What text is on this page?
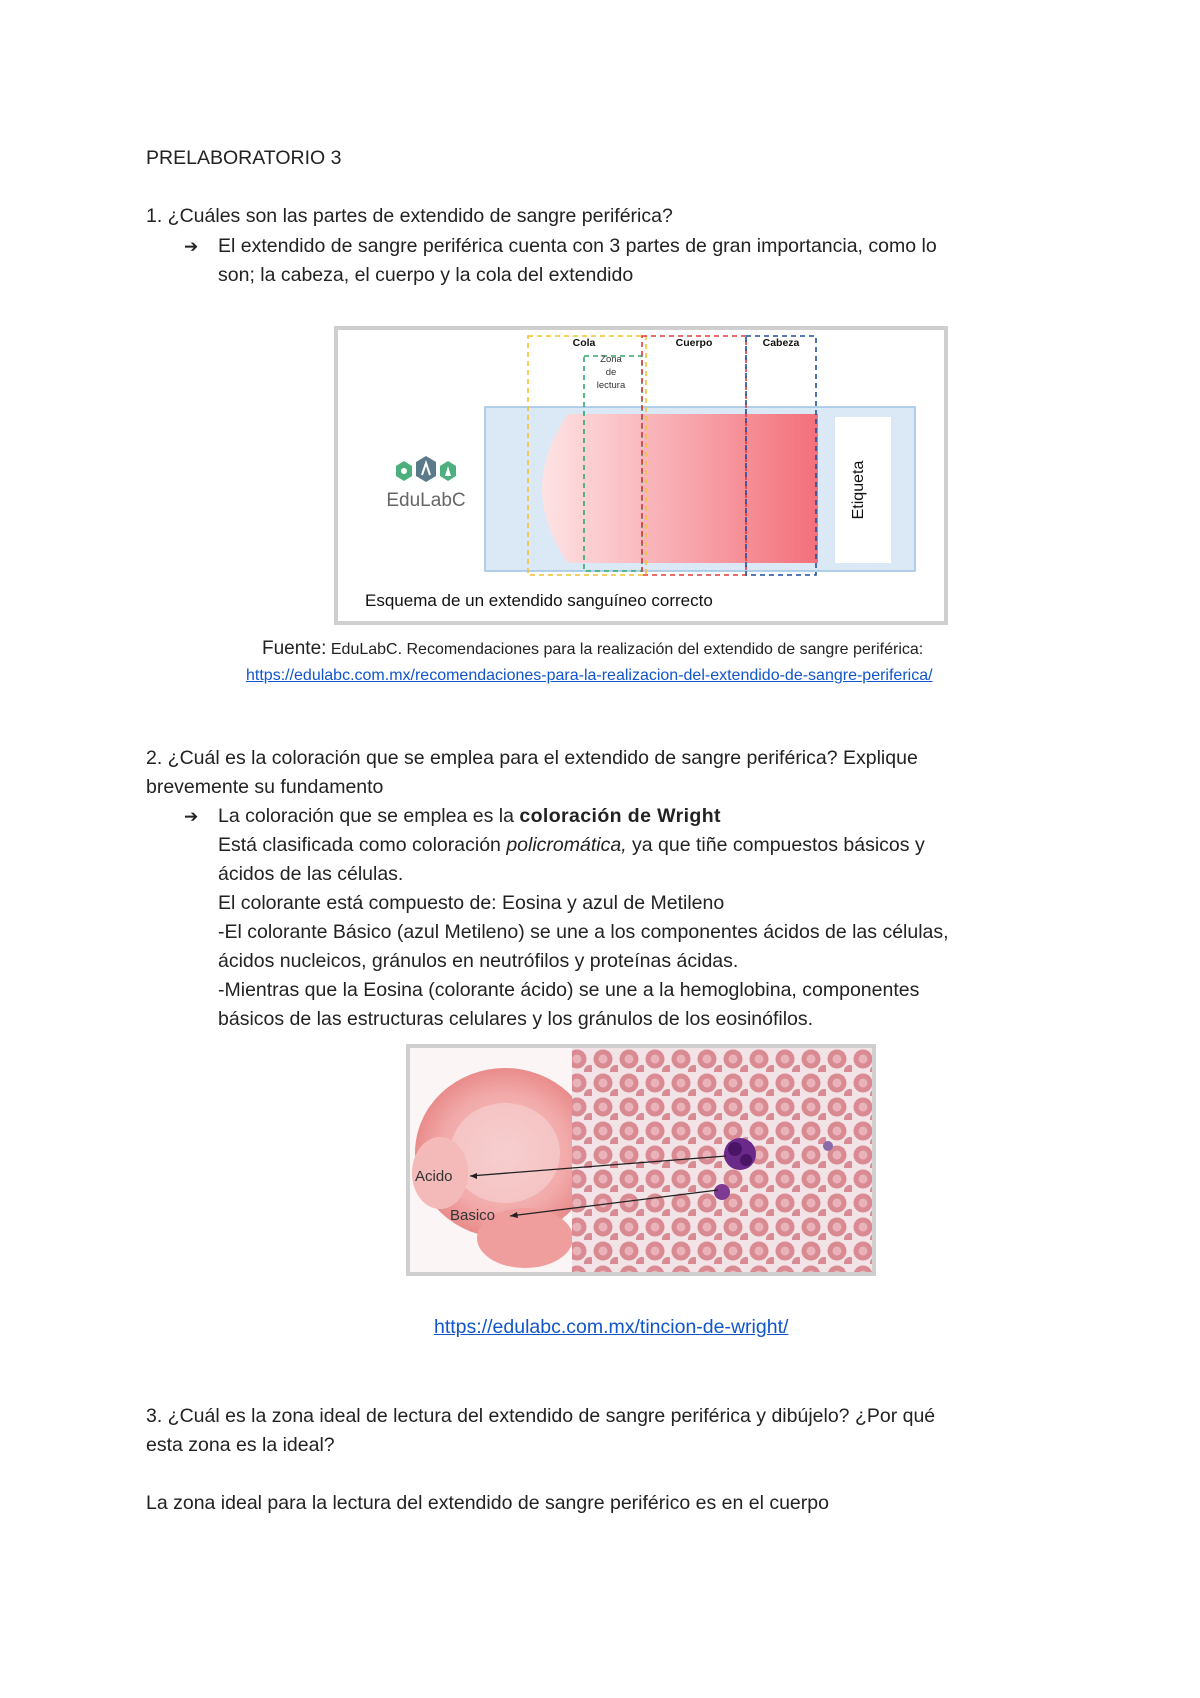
PRELABORATORIO 3
1. ¿Cuáles son las partes de extendido de sangre periférica?
➔ El extendido de sangre periférica cuenta con 3 partes de gran importancia, como lo
son; la cabeza, el cuerpo y la cola del extendido
Etiqueta
Cola
Zona
de
lectura
Cuerpo	Cabeza
EduLabC
Esquema de un extendido sanguíneo correcto
Fuente: EduLabC. Recomendaciones para la realización del extendido de sangre periférica:
https://edulabc.com.mx/recomendaciones-para-la-realizacion-del-extendido-de-sangre-periferica/
2. ¿Cuál es la coloración que se emplea para el extendido de sangre periférica? Explique
brevemente su fundamento
➔ La coloración que se emplea es la coloración de Wright
Está clasificada como coloración policromática, ya que tiñe compuestos básicos y
ácidos de las células.
El colorante está compuesto de: Eosina y azul de Metileno
-El colorante Básico (azul Metileno) se une a los componentes ácidos de las células,
ácidos nucleicos, gránulos en neutrófilos y proteínas ácidas.
-Mientras que la Eosina (colorante ácido) se une a la hemoglobina, componentes
básicos de las estructuras celulares y los gránulos de los eosinófilos.
Acido
Basico
https://edulabc.com.mx/tincion-de-wright/
3. ¿Cuál es la zona ideal de lectura del extendido de sangre periférica y dibújelo? ¿Por qué
esta zona es la ideal?
La zona ideal para la lectura del extendido de sangre periférico es en el cuerpo
